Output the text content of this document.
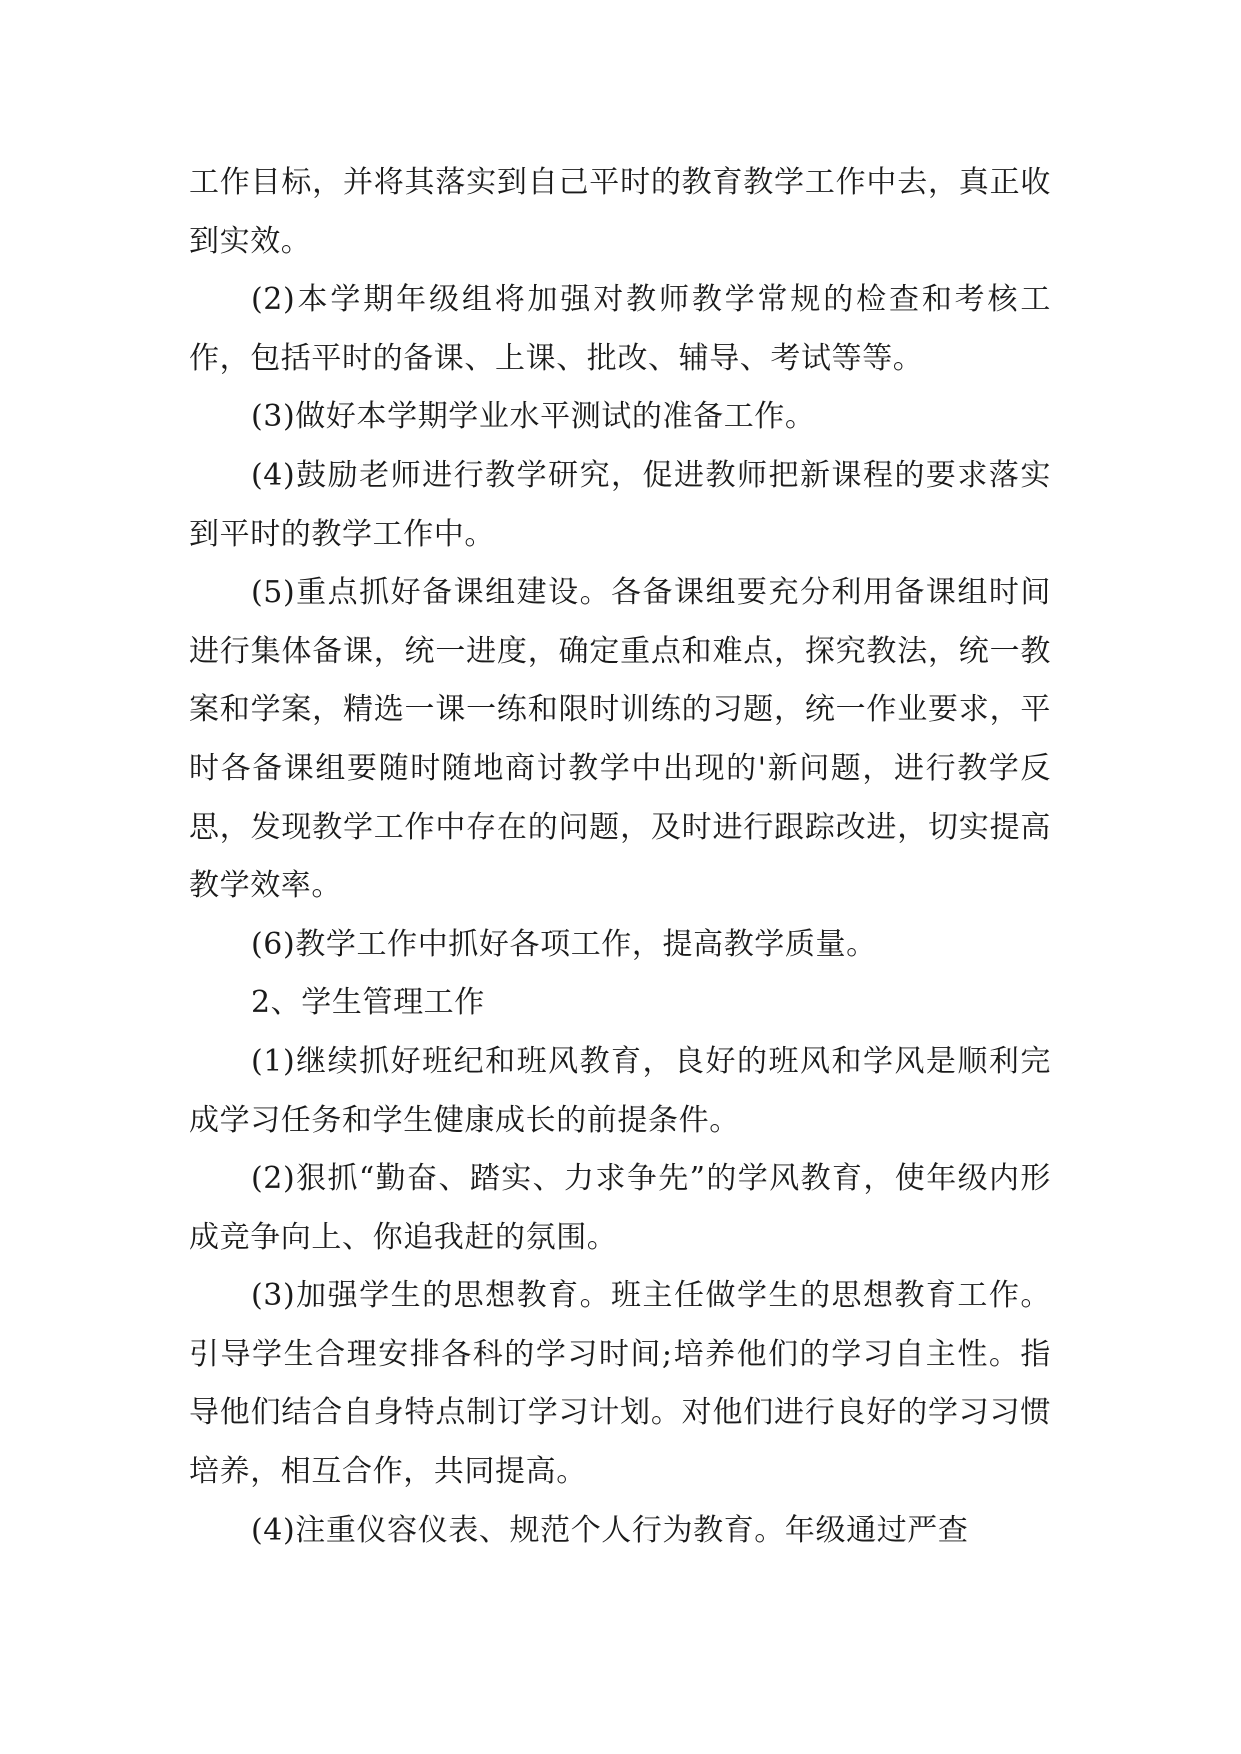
工作目标，并将其落实到自己平时的教育教学工作中去，真正收到实效。

(2)本学期年级组将加强对教师教学常规的检查和考核工作，包括平时的备课、上课、批改、辅导、考试等等。

(3)做好本学期学业水平测试的准备工作。

(4)鼓励老师进行教学研究，促进教师把新课程的要求落实到平时的教学工作中。

(5)重点抓好备课组建设。各备课组要充分利用备课组时间进行集体备课，统一进度，确定重点和难点，探究教法，统一教案和学案，精选一课一练和限时训练的习题，统一作业要求，平时各备课组要随时随地商讨教学中出现的'新问题，进行教学反思，发现教学工作中存在的问题，及时进行跟踪改进，切实提高教学效率。

(6)教学工作中抓好各项工作，提高教学质量。

2、学生管理工作

(1)继续抓好班纪和班风教育，良好的班风和学风是顺利完成学习任务和学生健康成长的前提条件。

(2)狠抓“勤奋、踏实、力求争先”的学风教育，使年级内形成竞争向上、你追我赶的氛围。

(3)加强学生的思想教育。班主任做学生的思想教育工作。引导学生合理安排各科的学习时间;培养他们的学习自主性。指导他们结合自身特点制订学习计划。对他们进行良好的学习习惯培养，相互合作，共同提高。

(4)注重仪容仪表、规范个人行为教育。年级通过严查
